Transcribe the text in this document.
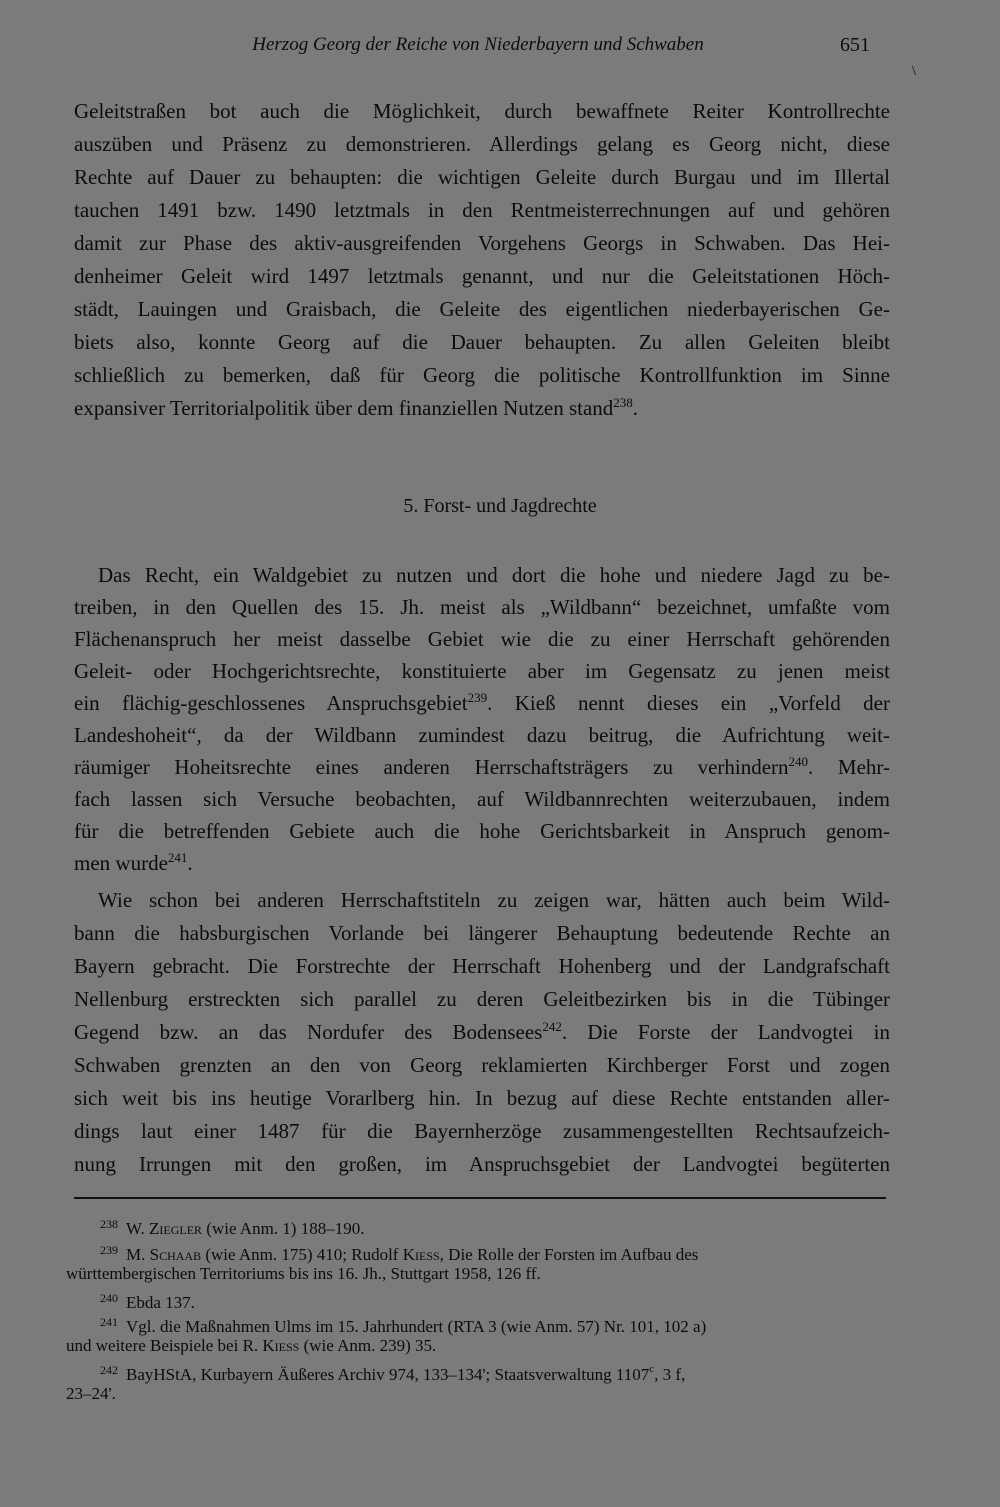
Herzog Georg der Reiche von Niederbayern und Schwaben	651
\
Geleitstraßen bot auch die Möglichkeit, durch bewaffnete Reiter Kontrollrechte
auszüben und Präsenz zu demonstrieren. Allerdings gelang es Georg nicht, diese
Rechte auf Dauer zu behaupten: die wichtigen Geleite durch Burgau und im Illertal
tauchen 1491 bzw. 1490 letztmals in den Rentmeisterrechnungen auf und gehören
damit zur Phase des aktiv-ausgreifenden Vorgehens Georgs in Schwaben. Das Hei-
denheimer Geleit wird 1497 letztmals genannt, und nur die Geleitstationen Höch-
städt, Lauingen und Graisbach, die Geleite des eigentlichen niederbayerischen Ge-
biets also, konnte Georg auf die Dauer behaupten. Zu allen Geleiten bleibt
schließlich zu bemerken, daß für Georg die politische Kontrollfunktion im Sinne
expansiver Territorialpolitik über dem finanziellen Nutzen stand$^{238}$.
5. Forst- und Jagdrechte
Das Recht, ein Waldgebiet zu nutzen und dort die hohe und niedere Jagd zu be-
treiben, in den Quellen des 15. Jh. meist als „Wildbann“ bezeichnet, umfaßte vom
Flächenanspruch her meist dasselbe Gebiet wie die zu einer Herrschaft gehörenden
Geleit- oder Hochgerichtsrechte, konstituierte aber im Gegensatz zu jenen meist
ein flächig-geschlossenes Anspruchsgebiet$^{239}$. Kieß nennt dieses ein „Vorfeld der
Landeshoheit“, da der Wildbann zumindest dazu beitrug, die Aufrichtung weit-
räumiger Hoheitsrechte eines anderen Herrschaftsträgers zu verhindern$^{240}$. Mehr-
fach lassen sich Versuche beobachten, auf Wildbannrechten weiterzubauen, indem
für die betreffenden Gebiete auch die hohe Gerichtsbarkeit in Anspruch genom-
men wurde$^{241}$.
Wie schon bei anderen Herrschaftstiteln zu zeigen war, hätten auch beim Wild-
bann die habsburgischen Vorlande bei längerer Behauptung bedeutende Rechte an
Bayern gebracht. Die Forstrechte der Herrschaft Hohenberg und der Landgrafschaft
Nellenburg erstreckten sich parallel zu deren Geleitbezirken bis in die Tübinger
Gegend bzw. an das Nordufer des Bodensees$^{242}$. Die Forste der Landvogtei in
Schwaben grenzten an den von Georg reklamierten Kirchberger Forst und zogen
sich weit bis ins heutige Vorarlberg hin. In bezug auf diese Rechte entstanden aller-
dings laut einer 1487 für die Bayernherzöge zusammengestellten Rechtsaufzeich-
nung Irrungen mit den großen, im Anspruchsgebiet der Landvogtei begüterten
238 W. Ziegler (wie Anm. 1) 188–190.
239 M. Schaab (wie Anm. 175) 410; Rudolf Kiess, Die Rolle der Forsten im Aufbau des
württembergischen Territoriums bis ins 16. Jh., Stuttgart 1958, 126 ff.
240 Ebda 137.
241 Vgl. die Maßnahmen Ulms im 15. Jahrhundert (RTA 3 (wie Anm. 57) Nr. 101, 102 a)
und weitere Beispiele bei R. Kiess (wie Anm. 239) 35.
242 BayHStA, Kurbayern Äußeres Archiv 974, 133–134'; Staatsverwaltung 1107$^c$, 3 f,
23–24'.
